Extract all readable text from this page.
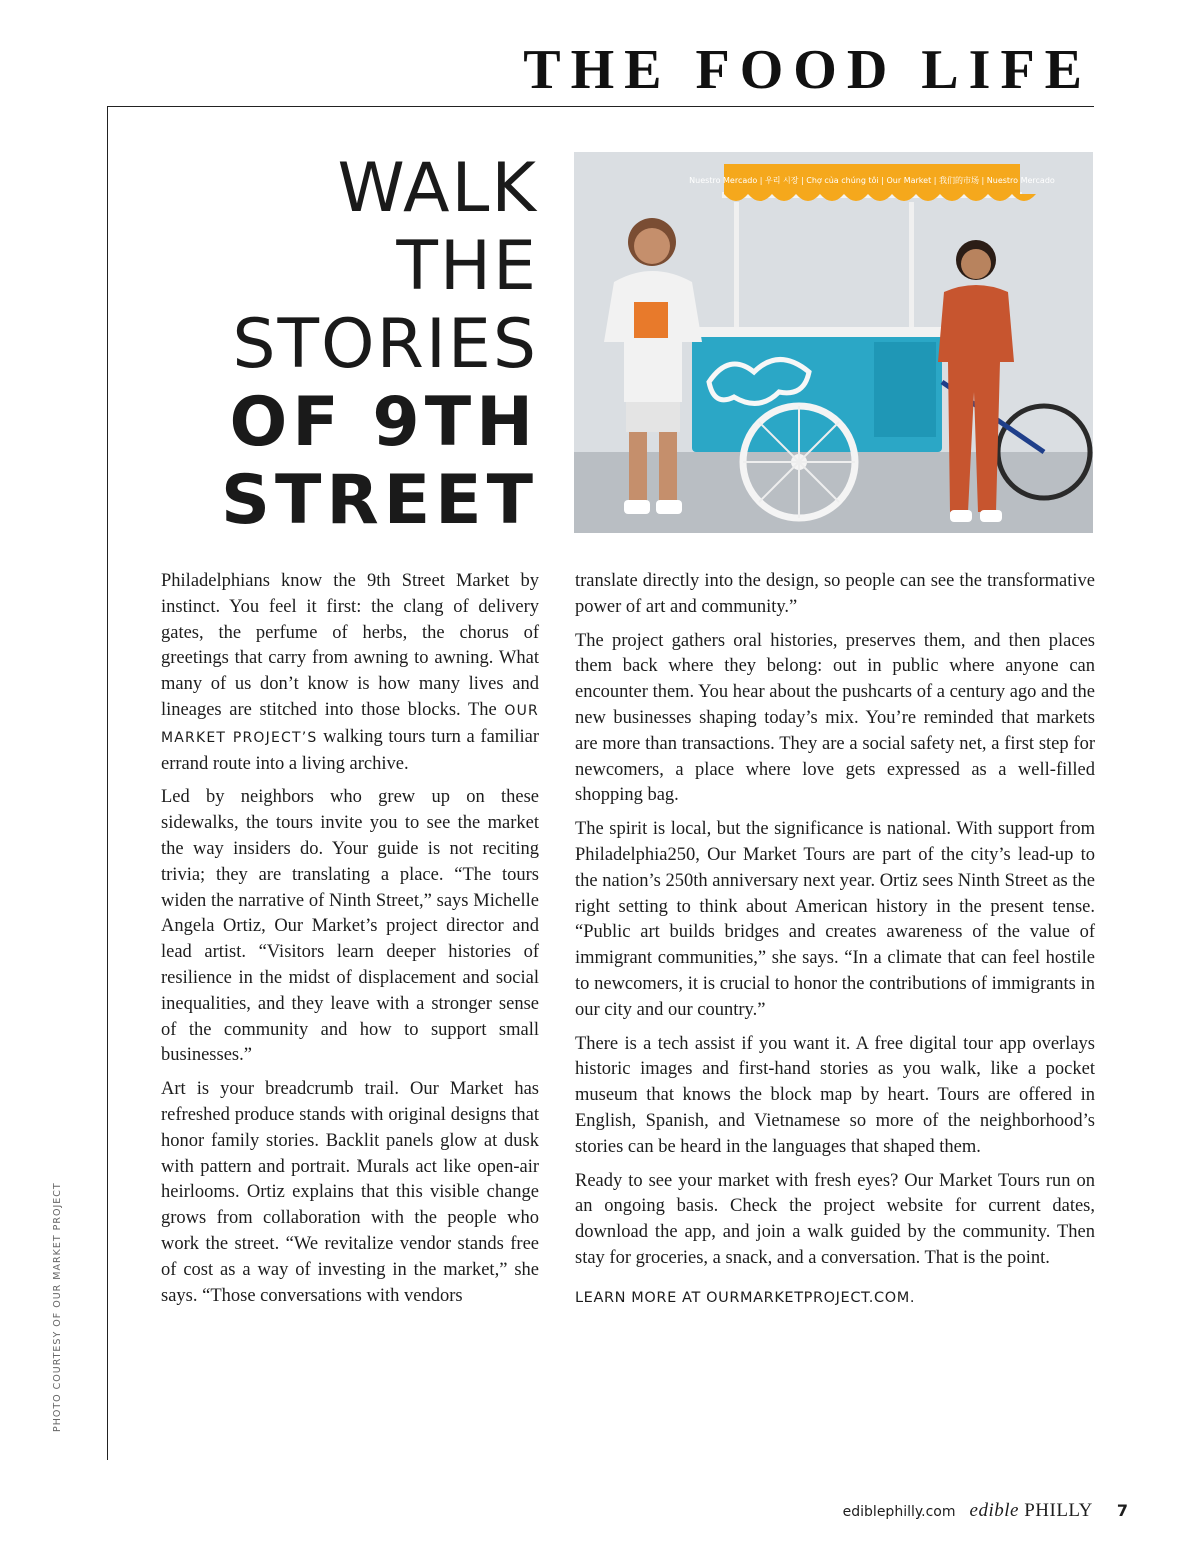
THE FOOD LIFE
WALK
THE
STORIES
OF 9TH
STREET
Nuestro Mercado | 우리 시장 | Chợ của chúng tôi | Our Market | 我们的市场 | Nuestro Mercado

Philadelphians know the 9th Street Market by instinct. You feel it first: the clang of delivery gates, the perfume of herbs, the chorus of greetings that carry from awning to awning. What many of us don’t know is how many lives and lineages are stitched into those blocks. The OUR MARKET PROJECT’S walking tours turn a familiar errand route into a living archive.

Led by neighbors who grew up on these sidewalks, the tours invite you to see the market the way insiders do. Your guide is not reciting trivia; they are translating a place. “The tours widen the narrative of Ninth Street,” says Michelle Angela Ortiz, Our Market’s project director and lead artist. “Visitors learn deeper histories of resilience in the midst of displacement and social inequalities, and they leave with a stronger sense of the community and how to support small businesses.”

Art is your breadcrumb trail. Our Market has refreshed produce stands with original designs that honor family stories. Backlit panels glow at dusk with pattern and portrait. Murals act like open-air heirlooms. Ortiz explains that this visible change grows from collaboration with the people who work the street. “We revitalize vendor stands free of cost as a way of investing in the market,” she says. “Those conversations with vendors

translate directly into the design, so people can see the transformative power of art and community.”

The project gathers oral histories, preserves them, and then places them back where they belong: out in public where anyone can encounter them. You hear about the pushcarts of a century ago and the new businesses shaping today’s mix. You’re reminded that markets are more than transactions. They are a social safety net, a first step for newcomers, a place where love gets expressed as a well-filled shopping bag.

The spirit is local, but the significance is national. With support from Philadelphia250, Our Market Tours are part of the city’s lead-up to the nation’s 250th anniversary next year. Ortiz sees Ninth Street as the right setting to think about American history in the present tense. “Public art builds bridges and creates awareness of the value of immigrant communities,” she says. “In a climate that can feel hostile to newcomers, it is crucial to honor the contributions of immigrants in our city and our country.”

There is a tech assist if you want it. A free digital tour app overlays historic images and first-hand stories as you walk, like a pocket museum that knows the block map by heart. Tours are offered in English, Spanish, and Vietnamese so more of the neighborhood’s stories can be heard in the languages that shaped them.

Ready to see your market with fresh eyes? Our Market Tours run on an ongoing basis. Check the project website for current dates, download the app, and join a walk guided by the community. Then stay for groceries, a snack, and a conversation. That is the point.

LEARN MORE AT OURMARKETPROJECT.COM.

PHOTO COURTESY OF OUR MARKET PROJECT
ediblephilly.com edible PHILLY 7
